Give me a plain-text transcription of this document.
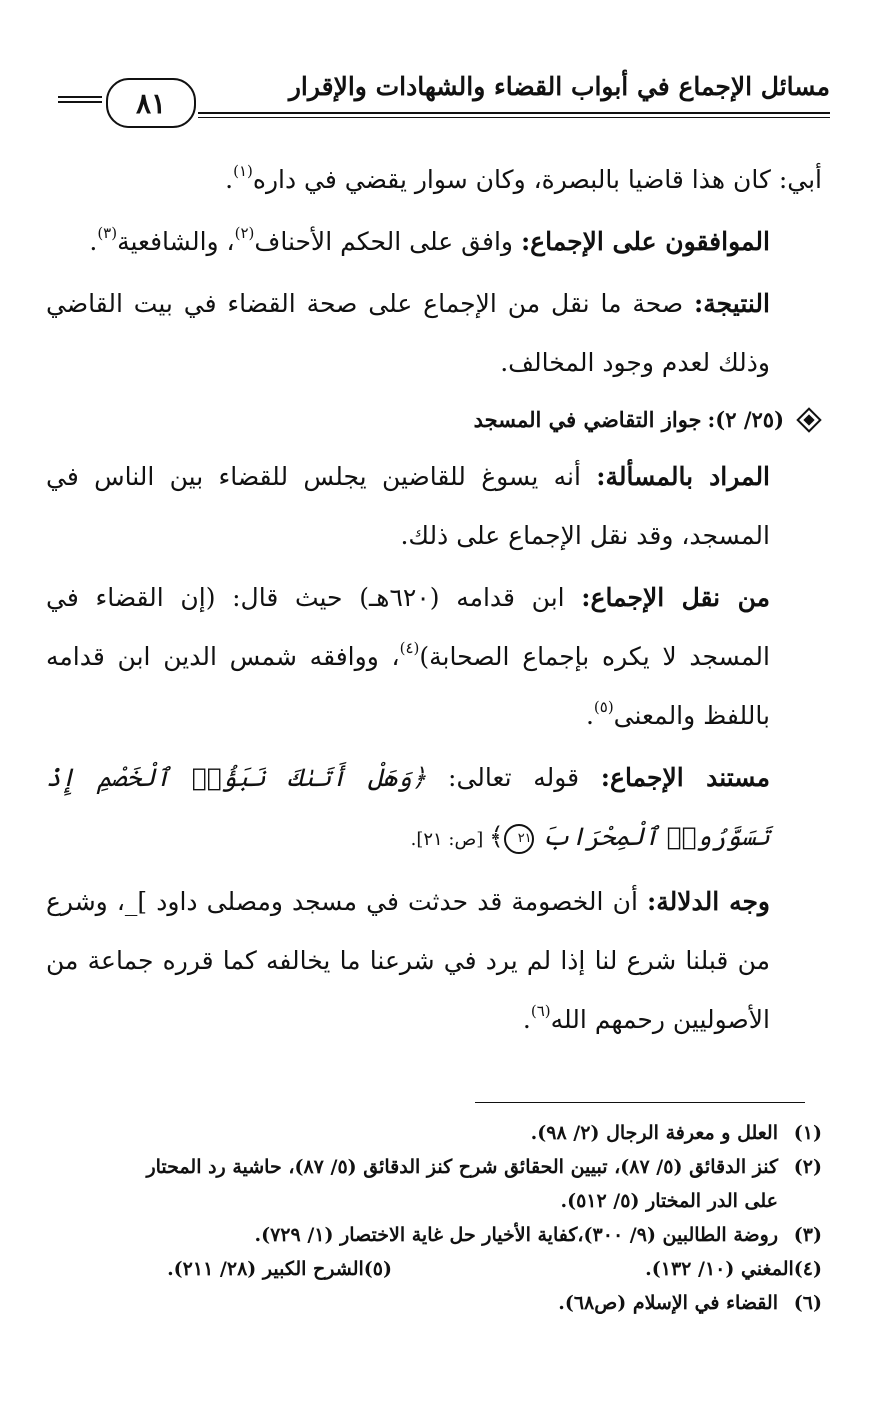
مسائل الإجماع في أبواب القضاء والشهادات والإقرار
٨١

أبي: كان هذا قاضيا بالبصرة، وكان سوار يقضي في داره$^{(١)}$.

الموافقون على الإجماع: وافق على الحكم الأحناف$^{(٢)}$، والشافعية$^{(٣)}$.

النتيجة: صحة ما نقل من الإجماع على صحة القضاء في بيت القاضي وذلك لعدم وجود المخالف.

(٢٥/ ٢):
جواز التقاضي في المسجد

المراد بالمسألة: أنه يسوغ للقاضين يجلس للقضاء بين الناس في المسجد، وقد نقل الإجماع على ذلك.

من نقل الإجماع: ابن قدامه (٦٢٠هـ) حيث قال: (إن القضاء في المسجد لا يكره بإجماع الصحابة)$^{(٤)}$، ووافقه شمس الدين ابن قدامه باللفظ والمعنى$^{(٥)}$.

مستند الإجماع: قوله تعالى: ﴿وَهَلْ أَتَىٰكَ نَبَؤُا۟ ٱلْخَصْمِ إِذْ تَسَوَّرُوا۟ ٱلْمِحْرَابَ ٢١﴾ [ص: ٢١].

وجه الدلالة: أن الخصومة قد حدثت في مسجد ومصلى داود ]_، وشرع من قبلنا شرع لنا إذا لم يرد في شرعنا ما يخالفه كما قرره جماعة من الأصوليين رحمهم الله$^{(٦)}$.

(١)
العلل و معرفة الرجال (٢/ ٩٨).
(٢)
كنز الدقائق (٥/ ٨٧)، تبيين الحقائق شرح كنز الدقائق (٥/ ٨٧)، حاشية رد المحتار
على الدر المختار (٥/ ٥١٢).
(٣)
روضة الطالبين (٩/ ٣٠٠)،كفاية الأخيار حل غاية الاختصار (١/ ٧٢٩).
(٤)
المغني (١٠/ ١٣٢).
(٥)
الشرح الكبير (٢٨/ ٢١١).
(٦)
القضاء في الإسلام (ص٦٨).
